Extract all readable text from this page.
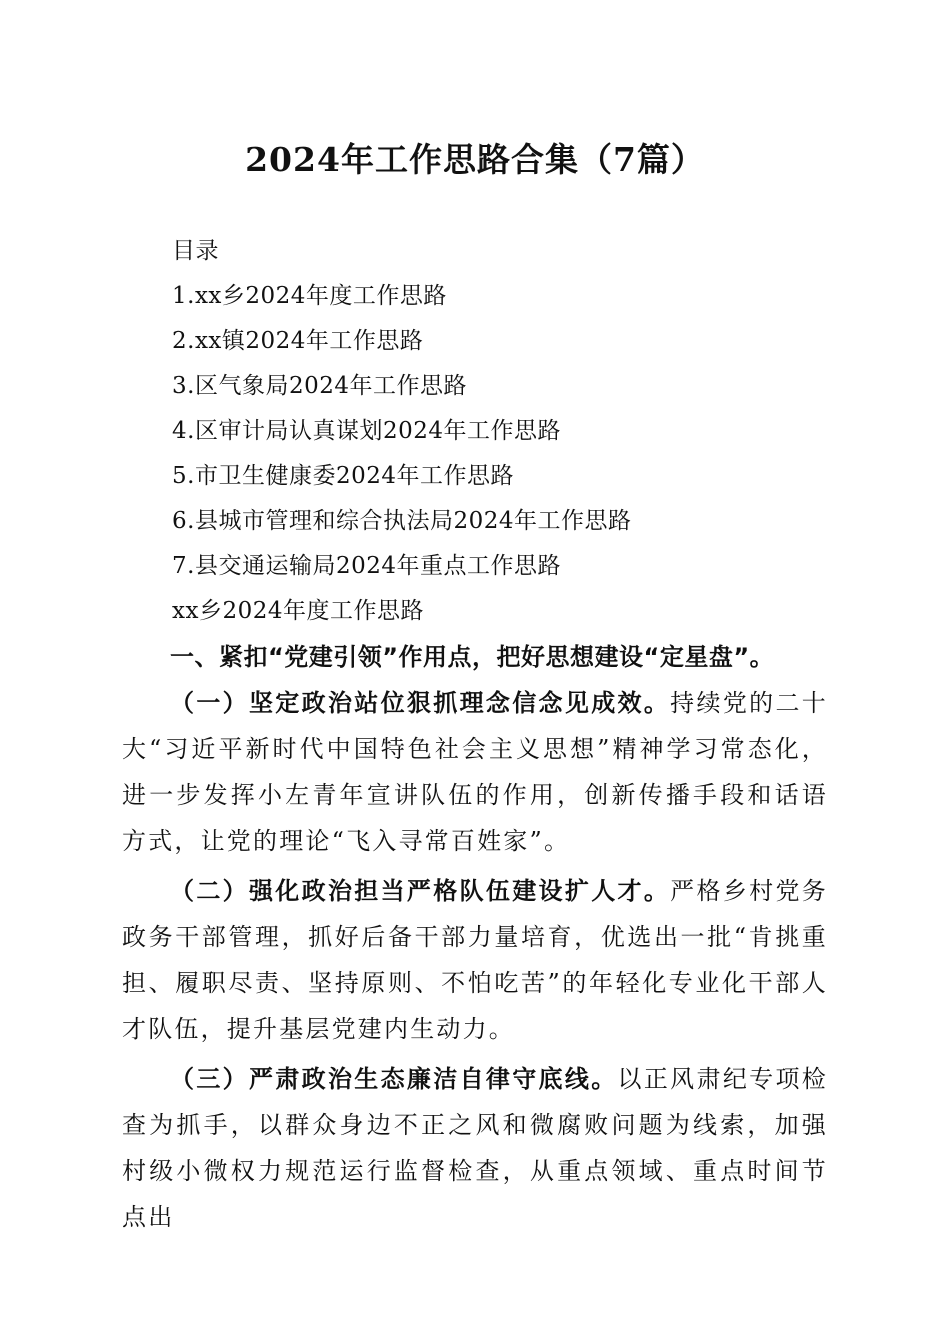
2024年工作思路合集（7篇）
目录
1.xx乡2024年度工作思路
2.xx镇2024年工作思路
3.区气象局2024年工作思路
4.区审计局认真谋划2024年工作思路
5.市卫生健康委2024年工作思路
6.县城市管理和综合执法局2024年工作思路
7.县交通运输局2024年重点工作思路
xx乡2024年度工作思路

一、紧扣“党建引领”作用点，把好思想建设“定星盘”。

（一）坚定政治站位狠抓理念信念见成效。持续党的二十大“习近平新时代中国特色社会主义思想”精神学习常态化，进一步发挥小左青年宣讲队伍的作用，创新传播手段和话语方式，让党的理论“飞入寻常百姓家”。

（二）强化政治担当严格队伍建设扩人才。严格乡村党务政务干部管理，抓好后备干部力量培育，优选出一批“肯挑重担、履职尽责、坚持原则、不怕吃苦”的年轻化专业化干部人才队伍，提升基层党建内生动力。

（三）严肃政治生态廉洁自律守底线。以正风肃纪专项检查为抓手，以群众身边不正之风和微腐败问题为线索，加强村级小微权力规范运行监督检查，从重点领域、重点时间节点出
